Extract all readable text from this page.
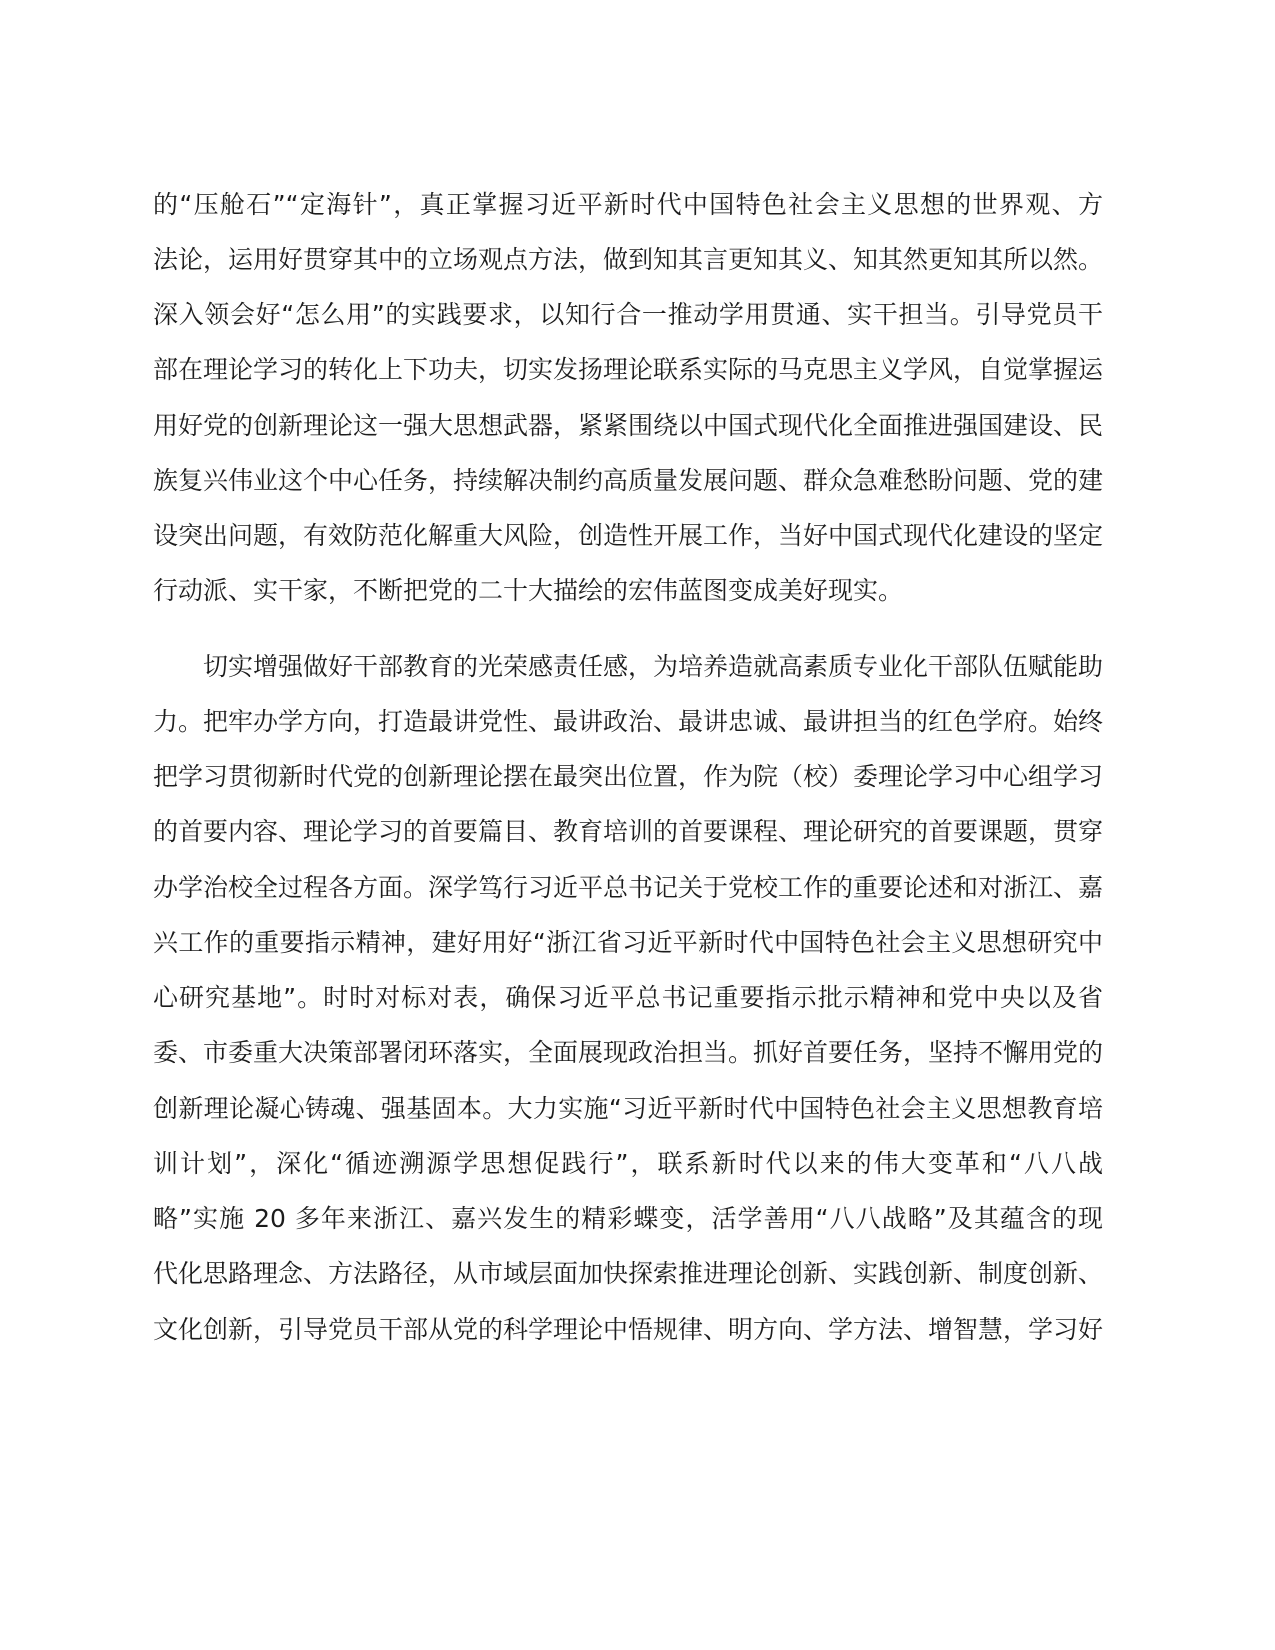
的“压舱石”“定海针”，真正掌握习近平新时代中国特色社会主义思想的世界观、方
法论，运用好贯穿其中的立场观点方法，做到知其言更知其义、知其然更知其所以然。
深入领会好“怎么用”的实践要求，以知行合一推动学用贯通、实干担当。引导党员干
部在理论学习的转化上下功夫，切实发扬理论联系实际的马克思主义学风，自觉掌握运
用好党的创新理论这一强大思想武器，紧紧围绕以中国式现代化全面推进强国建设、民
族复兴伟业这个中心任务，持续解决制约高质量发展问题、群众急难愁盼问题、党的建
设突出问题，有效防范化解重大风险，创造性开展工作，当好中国式现代化建设的坚定
行动派、实干家，不断把党的二十大描绘的宏伟蓝图变成美好现实。
切实增强做好干部教育的光荣感责任感，为培养造就高素质专业化干部队伍赋能助
力。把牢办学方向，打造最讲党性、最讲政治、最讲忠诚、最讲担当的红色学府。始终
把学习贯彻新时代党的创新理论摆在最突出位置，作为院（校）委理论学习中心组学习
的首要内容、理论学习的首要篇目、教育培训的首要课程、理论研究的首要课题，贯穿
办学治校全过程各方面。深学笃行习近平总书记关于党校工作的重要论述和对浙江、嘉
兴工作的重要指示精神，建好用好“浙江省习近平新时代中国特色社会主义思想研究中
心研究基地”。时时对标对表，确保习近平总书记重要指示批示精神和党中央以及省
委、市委重大决策部署闭环落实，全面展现政治担当。抓好首要任务，坚持不懈用党的
创新理论凝心铸魂、强基固本。大力实施“习近平新时代中国特色社会主义思想教育培
训计划”，深化“循迹溯源学思想促践行”，联系新时代以来的伟大变革和“八八战
略”实施 20 多年来浙江、嘉兴发生的精彩蝶变，活学善用“八八战略”及其蕴含的现
代化思路理念、方法路径，从市域层面加快探索推进理论创新、实践创新、制度创新、
文化创新，引导党员干部从党的科学理论中悟规律、明方向、学方法、增智慧，学习好
